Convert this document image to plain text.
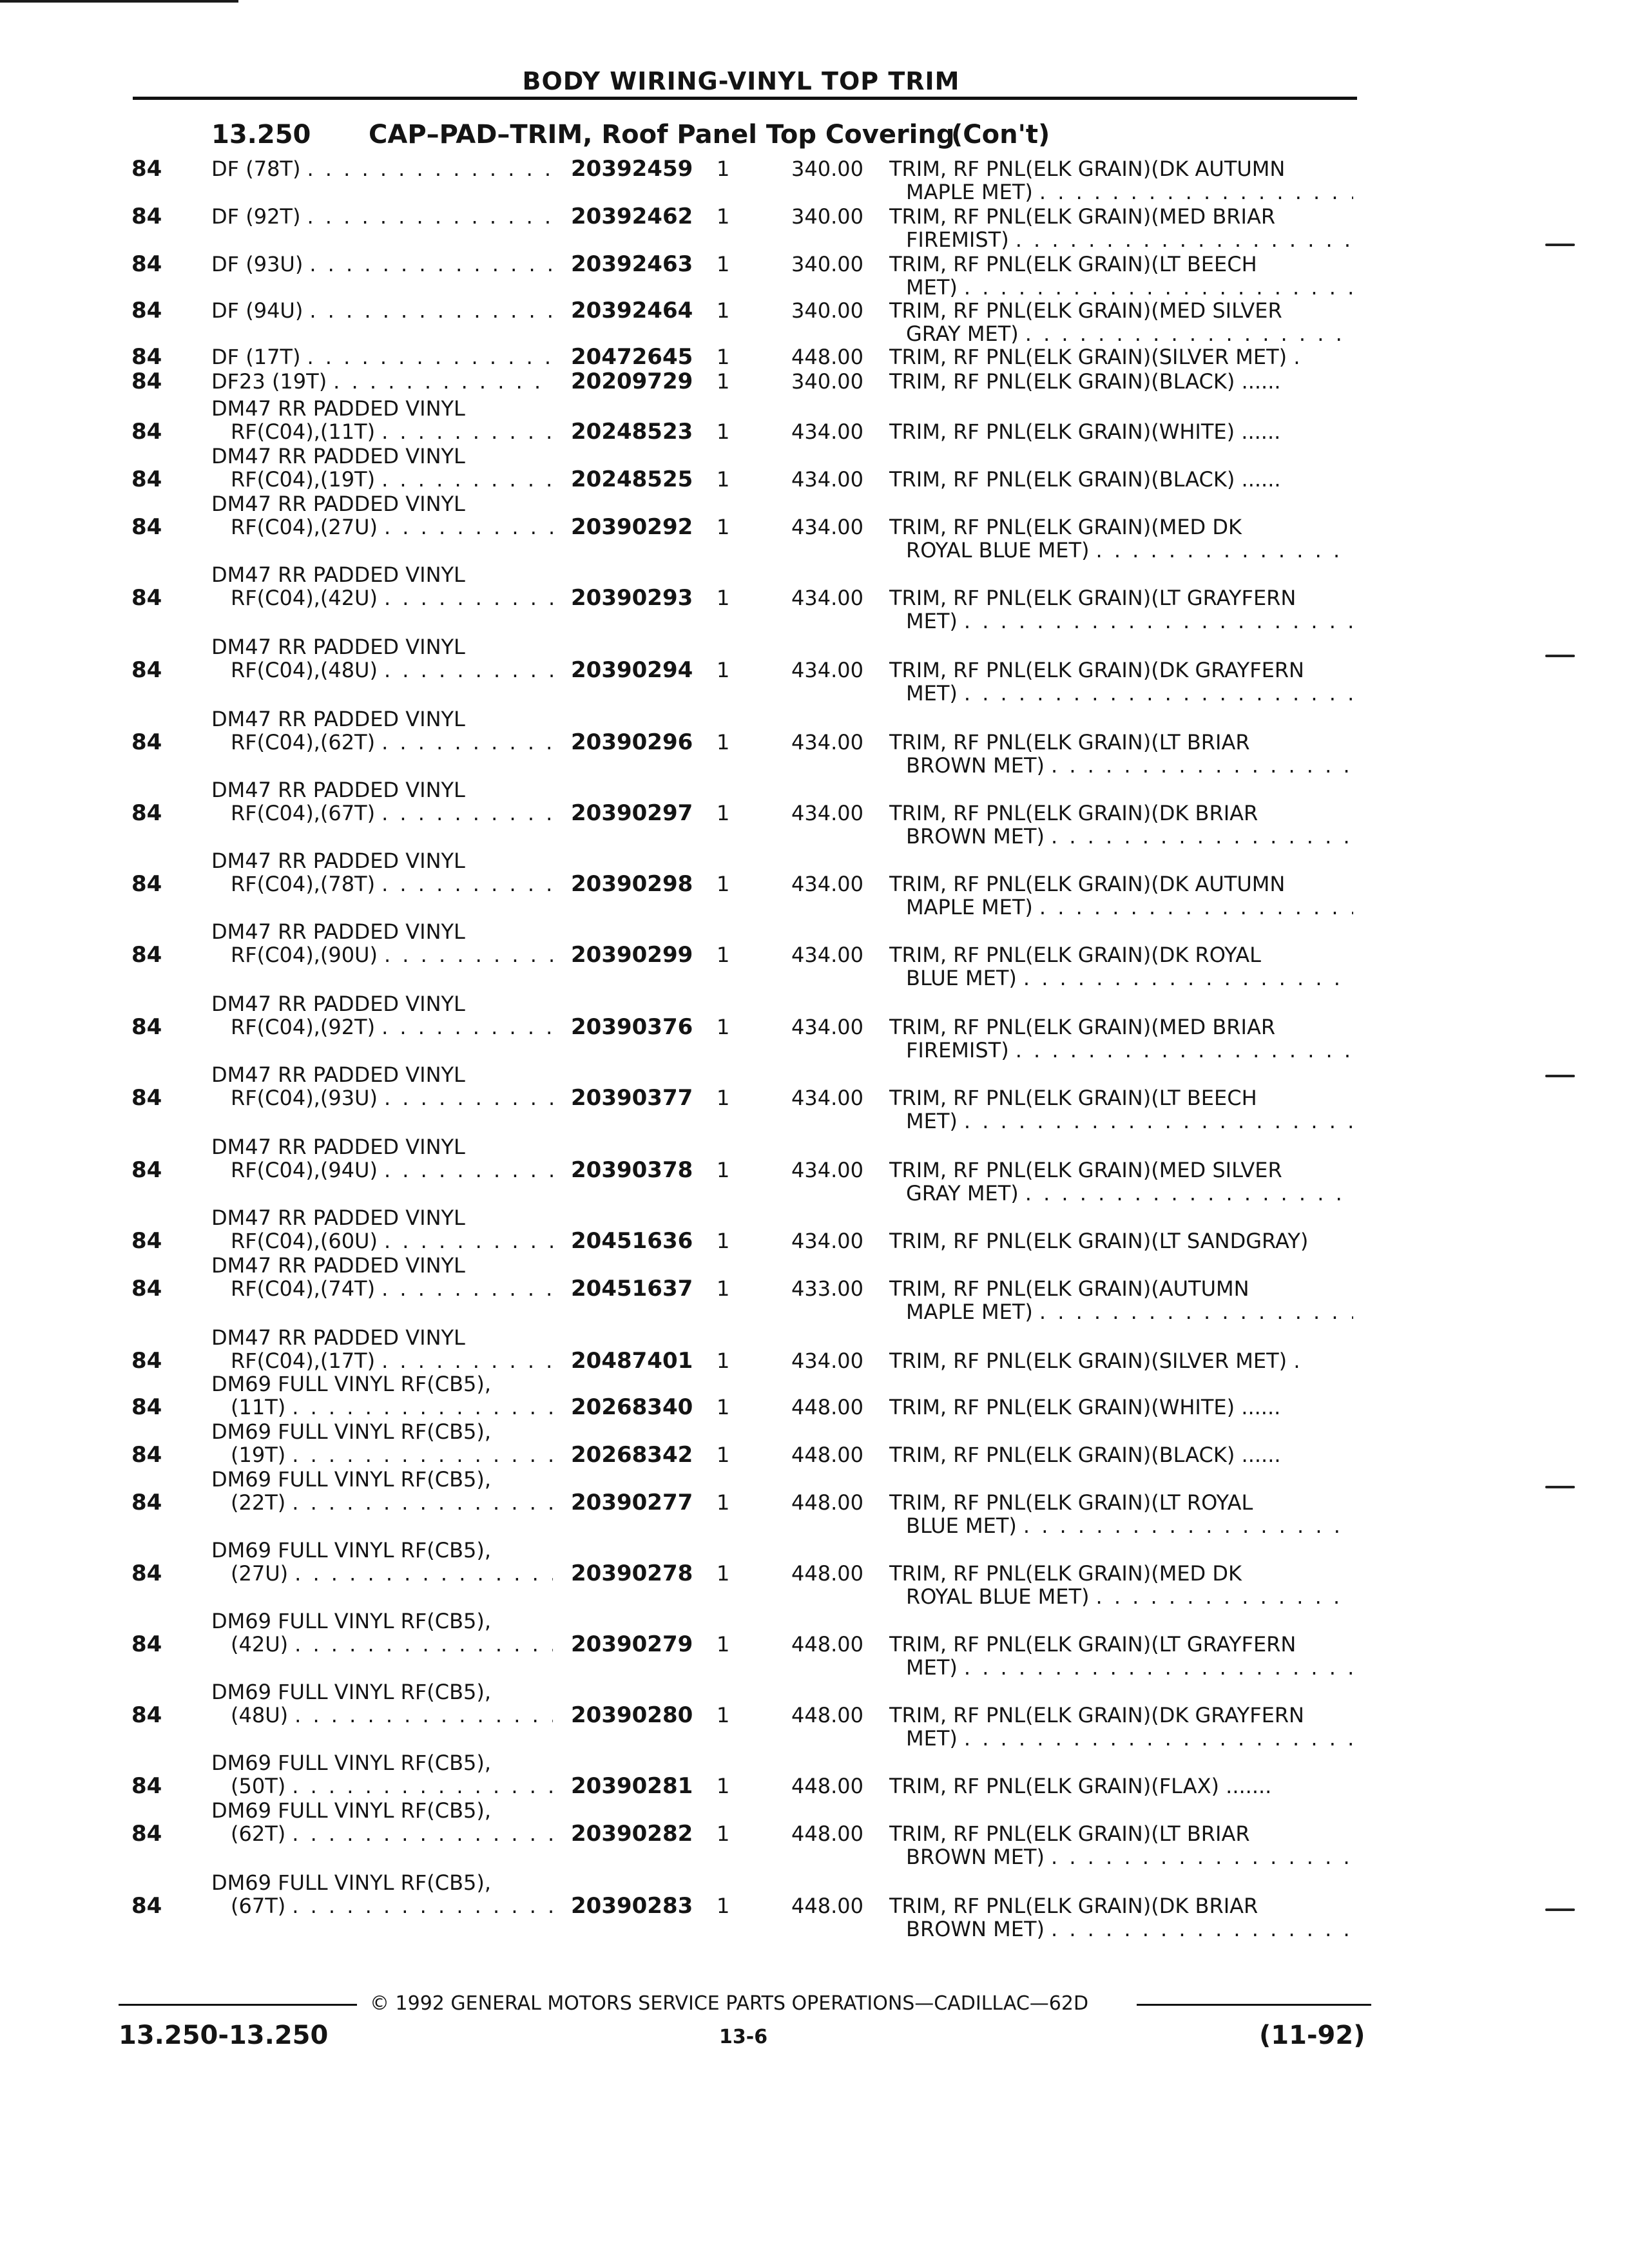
BODY WIRING-VINYL TOP TRIM
13.250 CAP–PAD–TRIM, Roof Panel Top Covering
(Con't)
84 DF (78T) . . .	20392459 1	340.00 TRIM, RF PNL(ELK GRAIN)(DK AUTUMN
MAPLE MET)
. . .
84 DF (92T) . . .	20392462 1	340.00 TRIM, RF PNL(ELK GRAIN)(MED BRIAR
FIREMIST)
. . .
84 DF (93U) . . .	20392463 1	340.00 TRIM, RF PNL(ELK GRAIN)(LT BEECH
MET)
. . .
84 DF (94U) . . .	20392464 1	340.00 TRIM, RF PNL(ELK GRAIN)(MED SILVER
GRAY MET)
. . .
84 DF (17T) . . .	20472645 1	448.00 TRIM, RF PNL(ELK GRAIN)(SILVER MET) .
84 DF23 (19T) . . .	20209729 1	340.00 TRIM, RF PNL(ELK GRAIN)(BLACK) ......
84
DM47 RR PADDED VINYL
RF(C04),(11T) . . .	20248523 1	434.00 TRIM, RF PNL(ELK GRAIN)(WHITE) ......
84
DM47 RR PADDED VINYL
RF(C04),(19T) . . .	20248525 1	434.00 TRIM, RF PNL(ELK GRAIN)(BLACK) ......
84
DM47 RR PADDED VINYL
RF(C04),(27U) . . .	20390292 1	434.00 TRIM, RF PNL(ELK GRAIN)(MED DK
ROYAL BLUE MET)
. . .
84
DM47 RR PADDED VINYL
RF(C04),(42U) . . .	20390293 1	434.00 TRIM, RF PNL(ELK GRAIN)(LT GRAYFERN
MET)
. . .
84
DM47 RR PADDED VINYL
RF(C04),(48U) . . .	20390294 1	434.00 TRIM, RF PNL(ELK GRAIN)(DK GRAYFERN
MET)
. . .
84
DM47 RR PADDED VINYL
RF(C04),(62T) . . .	20390296 1	434.00 TRIM, RF PNL(ELK GRAIN)(LT BRIAR
BROWN MET)
. . .
84
DM47 RR PADDED VINYL
RF(C04),(67T) . . .	20390297 1	434.00 TRIM, RF PNL(ELK GRAIN)(DK BRIAR
BROWN MET)
. . .
84
DM47 RR PADDED VINYL
RF(C04),(78T) . . .	20390298 1	434.00 TRIM, RF PNL(ELK GRAIN)(DK AUTUMN
MAPLE MET)
. . .
84
DM47 RR PADDED VINYL
RF(C04),(90U) . . .	20390299 1	434.00 TRIM, RF PNL(ELK GRAIN)(DK ROYAL
BLUE MET)
. . .
84
DM47 RR PADDED VINYL
RF(C04),(92T) . . .	20390376 1	434.00 TRIM, RF PNL(ELK GRAIN)(MED BRIAR
FIREMIST)
. . .
84
DM47 RR PADDED VINYL
RF(C04),(93U) . . .	20390377 1	434.00 TRIM, RF PNL(ELK GRAIN)(LT BEECH
MET)
. . .
84
DM47 RR PADDED VINYL
RF(C04),(94U) . . .	20390378 1	434.00 TRIM, RF PNL(ELK GRAIN)(MED SILVER
GRAY MET)
. . .
84
DM47 RR PADDED VINYL
RF(C04),(60U) . . .	20451636 1	434.00 TRIM, RF PNL(ELK GRAIN)(LT SANDGRAY)
84
DM47 RR PADDED VINYL
RF(C04),(74T) . . .	20451637 1	433.00 TRIM, RF PNL(ELK GRAIN)(AUTUMN
MAPLE MET)
. . .
84
DM47 RR PADDED VINYL
RF(C04),(17T) . . .	20487401 1	434.00 TRIM, RF PNL(ELK GRAIN)(SILVER MET) .
84
DM69 FULL VINYL RF(CB5),
(11T) . . .	20268340 1	448.00 TRIM, RF PNL(ELK GRAIN)(WHITE) ......
84
DM69 FULL VINYL RF(CB5),
(19T) . . .	20268342 1	448.00 TRIM, RF PNL(ELK GRAIN)(BLACK) ......
84
DM69 FULL VINYL RF(CB5),
(22T) . . .	20390277 1	448.00 TRIM, RF PNL(ELK GRAIN)(LT ROYAL
BLUE MET)
. . .
84
DM69 FULL VINYL RF(CB5),
(27U) . . .	20390278 1	448.00 TRIM, RF PNL(ELK GRAIN)(MED DK
ROYAL BLUE MET)
. . .
84
DM69 FULL VINYL RF(CB5),
(42U) . . .	20390279 1	448.00 TRIM, RF PNL(ELK GRAIN)(LT GRAYFERN
MET)
. . .
84
DM69 FULL VINYL RF(CB5),
(48U) . . .	20390280 1	448.00 TRIM, RF PNL(ELK GRAIN)(DK GRAYFERN
MET)
. . .
84
DM69 FULL VINYL RF(CB5),
(50T) . . .	20390281 1	448.00 TRIM, RF PNL(ELK GRAIN)(FLAX) .......
84
DM69 FULL VINYL RF(CB5),
(62T) . . .	20390282 1	448.00 TRIM, RF PNL(ELK GRAIN)(LT BRIAR
BROWN MET)
. . .
84
DM69 FULL VINYL RF(CB5),
(67T) . . .	20390283 1	448.00 TRIM, RF PNL(ELK GRAIN)(DK BRIAR
BROWN MET)
. . .
© 1992 GENERAL MOTORS SERVICE PARTS OPERATIONS—CADILLAC—62D
13.250-13.250	13-6	(11-92)
